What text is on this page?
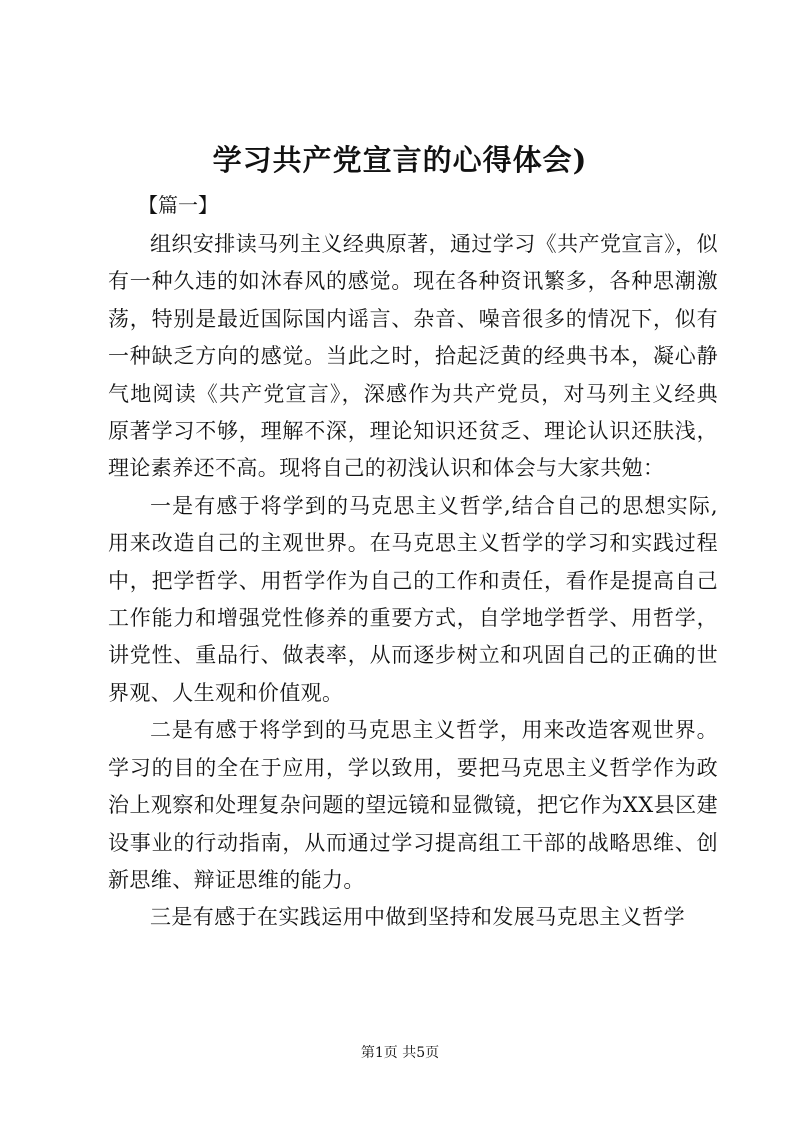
学习共产党宣言的心得体会)

【篇一】

组织安排读马列主义经典原著，通过学习《共产党宣言》，似有一种久违的如沐春风的感觉。现在各种资讯繁多，各种思潮激荡，特别是最近国际国内谣言、杂音、噪音很多的情况下，似有一种缺乏方向的感觉。当此之时，拾起泛黄的经典书本，凝心静气地阅读《共产党宣言》，深感作为共产党员，对马列主义经典原著学习不够，理解不深，理论知识还贫乏、理论认识还肤浅，理论素养还不高。现将自己的初浅认识和体会与大家共勉：

一是有感于将学到的马克思主义哲学,结合自己的思想实际,用来改造自己的主观世界。在马克思主义哲学的学习和实践过程中，把学哲学、用哲学作为自己的工作和责任，看作是提高自己工作能力和增强党性修养的重要方式，自学地学哲学、用哲学，讲党性、重品行、做表率，从而逐步树立和巩固自己的正确的世界观、人生观和价值观。

二是有感于将学到的马克思主义哲学，用来改造客观世界。学习的目的全在于应用，学以致用，要把马克思主义哲学作为政治上观察和处理复杂问题的望远镜和显微镜，把它作为XX县区建设事业的行动指南，从而通过学习提高组工干部的战略思维、创新思维、辩证思维的能力。

三是有感于在实践运用中做到坚持和发展马克思主义哲学

第1页 共5页
